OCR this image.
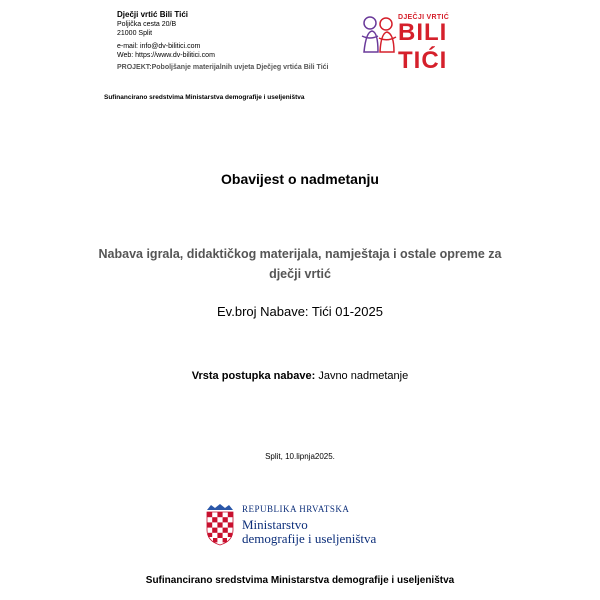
Dječji vrtić Bili Tići
Poljička cesta 20/B
21000 Split
e-mail: info@dv-bilitici.com
Web: https://www.dv-bilitici.com
PROJEKT:Poboljšanje materijalnih uvjeta Dječjeg vrtića Bili Tići
DJEČJI VRTIĆ
BILI TIĆI
Sufinancirano sredstvima Ministarstva demografije i useljeništva
Obavijest o nadmetanju
Nabava igrala, didaktičkog materijala, namještaja i ostale opreme za
dječji vrtić
Ev.broj Nabave: Tići 01-2025
Vrsta postupka nabave: Javno nadmetanje
Split, 10.lipnja2025.
REPUBLIKA HRVATSKA
Ministarstvo
demografije i useljeništva
Sufinancirano sredstvima Ministarstva demografije i useljeništva
